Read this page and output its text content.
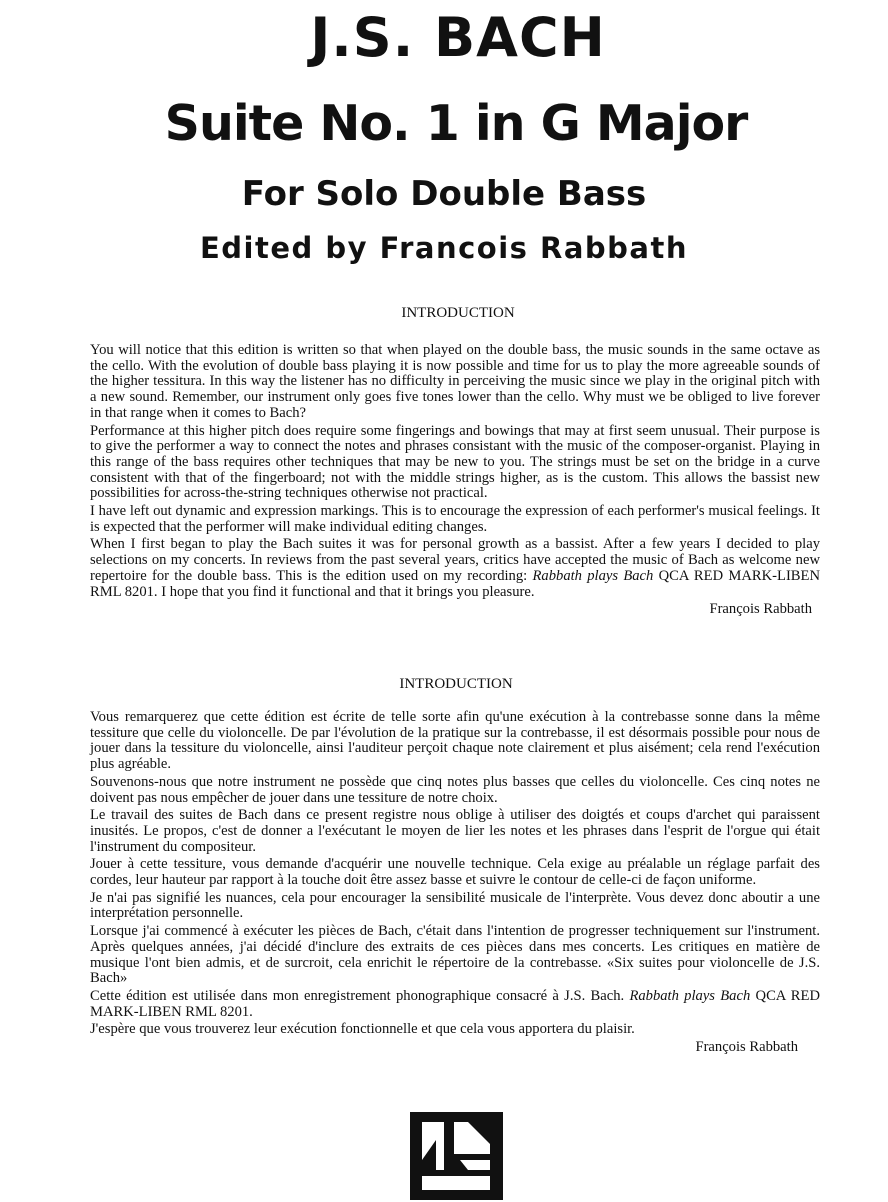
J.S. BACH
Suite No. 1 in G Major
For Solo Double Bass
Edited by Francois Rabbath
INTRODUCTION

You will notice that this edition is written so that when played on the double bass, the music sounds in the same octave as the cello. With the evolution of double bass playing it is now possible and time for us to play the more agreeable sounds of the higher tessitura. In this way the listener has no difficulty in perceiving the music since we play in the original pitch with a new sound. Remember, our instrument only goes five tones lower than the cello. Why must we be obliged to live forever in that range when it comes to Bach?

Performance at this higher pitch does require some fingerings and bowings that may at first seem unusual. Their purpose is to give the performer a way to connect the notes and phrases consistant with the music of the composer-organist. Playing in this range of the bass requires other techniques that may be new to you. The strings must be set on the bridge in a curve consistent with that of the fingerboard; not with the middle strings higher, as is the custom. This allows the bassist new possibilities for across-the-string techniques otherwise not practical.

I have left out dynamic and expression markings. This is to encourage the expression of each performer's musical feelings. It is expected that the performer will make individual editing changes.

When I first began to play the Bach suites it was for personal growth as a bassist. After a few years I decided to play selections on my concerts. In reviews from the past several years, critics have accepted the music of Bach as welcome new repertoire for the double bass. This is the edition used on my recording: Rabbath plays Bach QCA RED MARK-LIBEN RML 8201. I hope that you find it functional and that it brings you pleasure.

François Rabbath
INTRODUCTION

Vous remarquerez que cette édition est écrite de telle sorte afin qu'une exécution à la contrebasse sonne dans la même tessiture que celle du violoncelle. De par l'évolution de la pratique sur la contrebasse, il est désormais possible pour nous de jouer dans la tessiture du violoncelle, ainsi l'auditeur perçoit chaque note clairement et plus aisément; cela rend l'exécution plus agréable.

Souvenons-nous que notre instrument ne possède que cinq notes plus basses que celles du violoncelle. Ces cinq notes ne doivent pas nous empêcher de jouer dans une tessiture de notre choix.

Le travail des suites de Bach dans ce present registre nous oblige à utiliser des doigtés et coups d'archet qui paraissent inusités. Le propos, c'est de donner a l'exécutant le moyen de lier les notes et les phrases dans l'esprit de l'orgue qui était l'instrument du compositeur.

Jouer à cette tessiture, vous demande d'acquérir une nouvelle technique. Cela exige au préalable un réglage parfait des cordes, leur hauteur par rapport à la touche doit être assez basse et suivre le contour de celle-ci de façon uniforme.

Je n'ai pas signifié les nuances, cela pour encourager la sensibilité musicale de l'interprète. Vous devez donc aboutir a une interprétation personnelle.

Lorsque j'ai commencé à exécuter les pièces de Bach, c'était dans l'intention de progresser techniquement sur l'instrument. Après quelques années, j'ai décidé d'inclure des extraits de ces pièces dans mes concerts. Les critiques en matière de musique l'ont bien admis, et de surcroit, cela enrichit le répertoire de la contrebasse. «Six suites pour violoncelle de J.S. Bach»

Cette édition est utilisée dans mon enregistrement phonographique consacré à J.S. Bach. Rabbath plays Bach QCA RED MARK-LIBEN RML 8201.

J'espère que vous trouverez leur exécution fonctionnelle et que cela vous apportera du plaisir.

François Rabbath
